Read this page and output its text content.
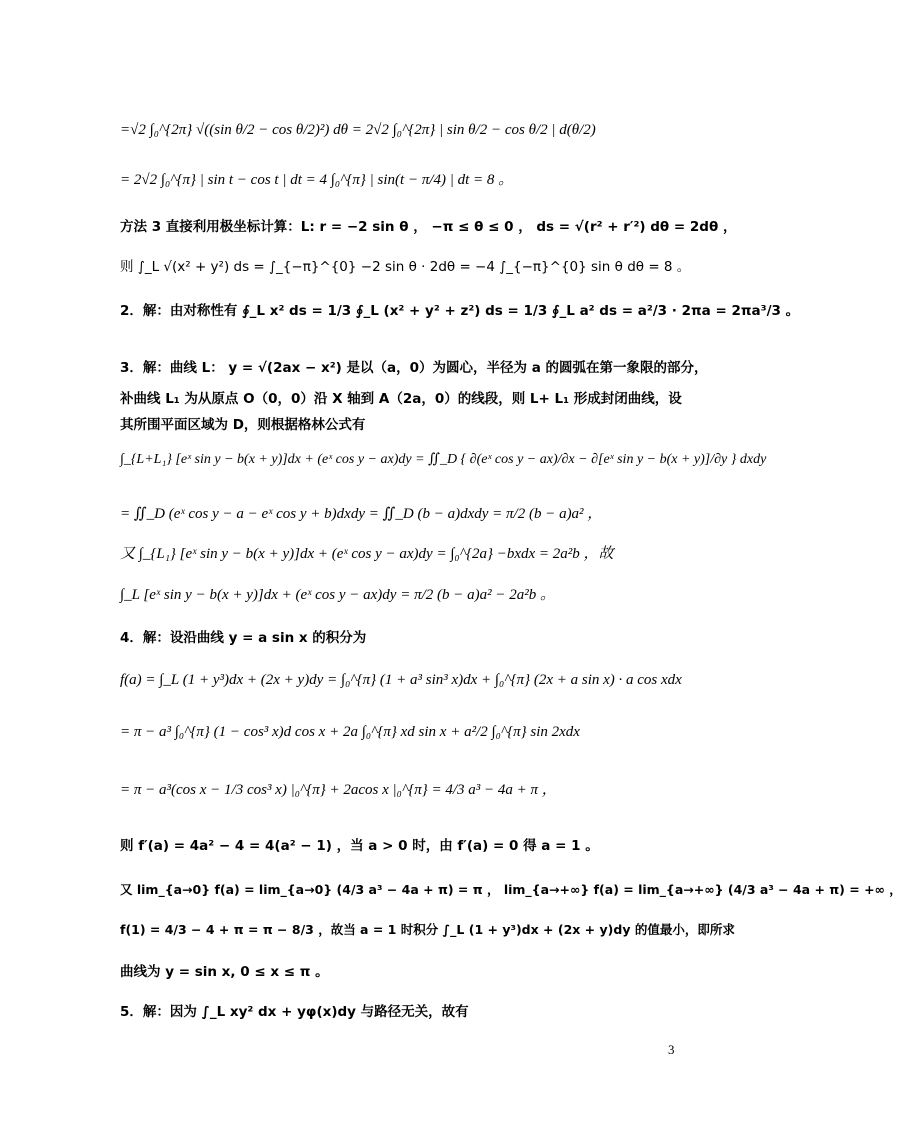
=√2 ∫₀^{2π} √((sin θ/2 − cos θ/2)²) dθ = 2√2 ∫₀^{2π} | sin θ/2 − cos θ/2 | d(θ/2)
= 2√2 ∫₀^{π} | sin t − cos t | dt = 4 ∫₀^{π} | sin(t − π/4) | dt = 8 。
方法 3 直接利用极坐标计算：L: r = −2 sin θ ， −π ≤ θ ≤ 0 ， ds = √(r² + r′²) dθ = 2dθ ，
则 ∫_L √(x² + y²) ds = ∫_{−π}^{0} −2 sin θ · 2dθ = −4 ∫_{−π}^{0} sin θ dθ = 8 。
2．解：由对称性有 ∮_L x² ds = 1/3 ∮_L (x² + y² + z²) ds = 1/3 ∮_L a² ds = a²/3 · 2πa = 2πa³/3 。
3．解：曲线 L： y = √(2ax − x²) 是以（a，0）为圆心，半径为 a 的圆弧在第一象限的部分，
补曲线 L₁ 为从原点 O（0，0）沿 X 轴到 A（2a，0）的线段，则 L+ L₁ 形成封闭曲线，设
其所围平面区域为 D，则根据格林公式有
∫_{L+L₁} [eˣ sin y − b(x + y)]dx + (eˣ cos y − ax)dy = ∬_D { ∂(eˣ cos y − ax)/∂x − ∂[eˣ sin y − b(x + y)]/∂y } dxdy
= ∬_D (eˣ cos y − a − eˣ cos y + b)dxdy = ∬_D (b − a)dxdy = π/2 (b − a)a² ，
又 ∫_{L₁} [eˣ sin y − b(x + y)]dx + (eˣ cos y − ax)dy = ∫₀^{2a} −bxdx = 2a²b ，故
∫_L [eˣ sin y − b(x + y)]dx + (eˣ cos y − ax)dy = π/2 (b − a)a² − 2a²b 。
4．解：设沿曲线 y = a sin x 的积分为
f(a) = ∫_L (1 + y³)dx + (2x + y)dy = ∫₀^{π} (1 + a³ sin³ x)dx + ∫₀^{π} (2x + a sin x) · a cos xdx
= π − a³ ∫₀^{π} (1 − cos³ x)d cos x + 2a ∫₀^{π} xd sin x + a²/2 ∫₀^{π} sin 2xdx
= π − a³(cos x − 1/3 cos³ x) |₀^{π} + 2acos x |₀^{π} = 4/3 a³ − 4a + π ，
则 f′(a) = 4a² − 4 = 4(a² − 1) ，当 a > 0 时，由 f′(a) = 0 得 a = 1 。
又 lim_{a→0} f(a) = lim_{a→0} (4/3 a³ − 4a + π) = π ， lim_{a→+∞} f(a) = lim_{a→+∞} (4/3 a³ − 4a + π) = +∞ ，
f(1) = 4/3 − 4 + π = π − 8/3 ，故当 a = 1 时积分 ∫_L (1 + y³)dx + (2x + y)dy 的值最小，即所求
曲线为 y = sin x, 0 ≤ x ≤ π 。
5．解：因为 ∫_L xy² dx + yφ(x)dy 与路径无关，故有
3
